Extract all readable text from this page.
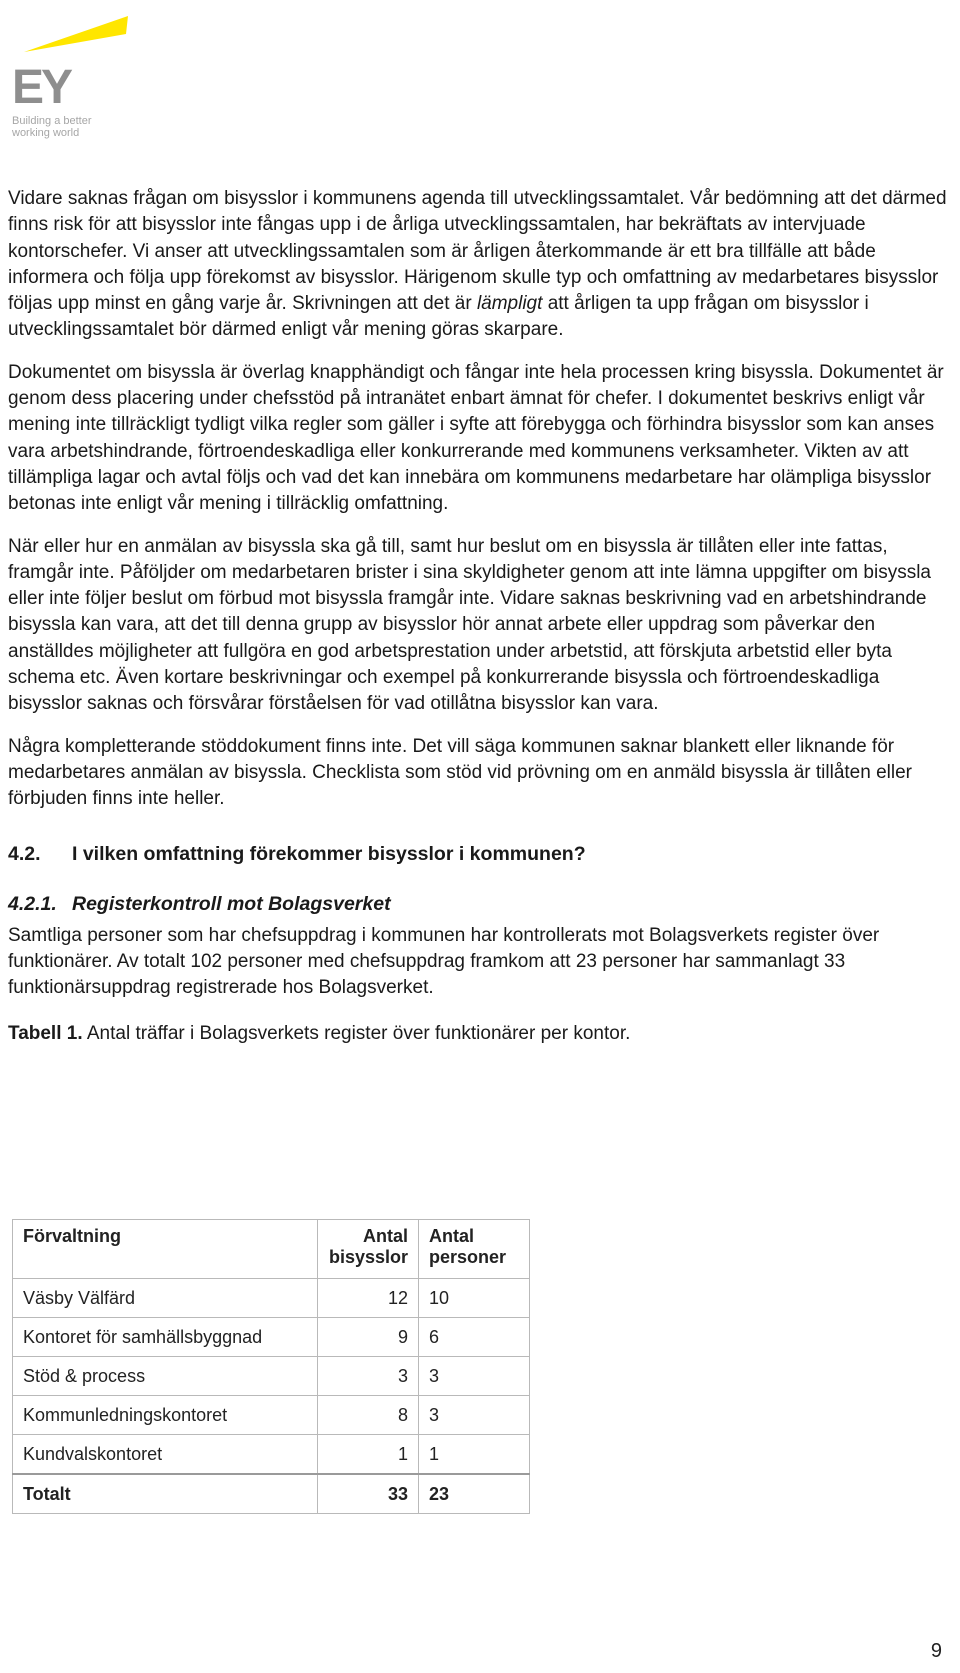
EY
Building a better
working world

Vidare saknas frågan om bisysslor i kommunens agenda till utvecklingssamtalet. Vår bedömning att det därmed finns risk för att bisysslor inte fångas upp i de årliga utvecklingssamtalen, har bekräftats av intervjuade kontorschefer. Vi anser att utvecklingssamtalen som är årligen återkommande är ett bra tillfälle att både informera och följa upp förekomst av bisysslor. Härigenom skulle typ och omfattning av medarbetares bisysslor följas upp minst en gång varje år. Skrivningen att det är lämpligt att årligen ta upp frågan om bisysslor i utvecklingssamtalet bör därmed enligt vår mening göras skarpare.

Dokumentet om bisyssla är överlag knapphändigt och fångar inte hela processen kring bisyssla. Dokumentet är genom dess placering under chefsstöd på intranätet enbart ämnat för chefer. I dokumentet beskrivs enligt vår mening inte tillräckligt tydligt vilka regler som gäller i syfte att förebygga och förhindra bisysslor som kan anses vara arbetshindrande, förtroendeskadliga eller konkurrerande med kommunens verksamheter. Vikten av att tillämpliga lagar och avtal följs och vad det kan innebära om kommunens medarbetare har olämpliga bisysslor betonas inte enligt vår mening i tillräcklig omfattning.

När eller hur en anmälan av bisyssla ska gå till, samt hur beslut om en bisyssla är tillåten eller inte fattas, framgår inte. Påföljder om medarbetaren brister i sina skyldigheter genom att inte lämna uppgifter om bisyssla eller inte följer beslut om förbud mot bisyssla framgår inte. Vidare saknas beskrivning vad en arbetshindrande bisyssla kan vara, att det till denna grupp av bisysslor hör annat arbete eller uppdrag som påverkar den anställdes möjligheter att fullgöra en god arbetsprestation under arbetstid, att förskjuta arbetstid eller byta schema etc. Även kortare beskrivningar och exempel på konkurrerande bisyssla och förtroendeskadliga bisysslor saknas och försvårar förståelsen för vad otillåtna bisysslor kan vara.

Några kompletterande stöddokument finns inte. Det vill säga kommunen saknar blankett eller liknande för medarbetares anmälan av bisyssla. Checklista som stöd vid prövning om en anmäld bisyssla är tillåten eller förbjuden finns inte heller.

4.2. I vilken omfattning förekommer bisysslor i kommunen?

4.2.1. Registerkontroll mot Bolagsverket

Samtliga personer som har chefsuppdrag i kommunen har kontrollerats mot Bolagsverkets register över funktionärer. Av totalt 102 personer med chefsuppdrag framkom att 23 personer har sammanlagt 33 funktionärsuppdrag registrerade hos Bolagsverket.

Tabell 1. Antal träffar i Bolagsverkets register över funktionärer per kontor.

Förvaltning	Antal bisysslor	Antal personer
Väsby Välfärd	12	10
Kontoret för samhällsbyggnad	9	6
Stöd & process	3	3
Kommunledningskontoret	8	3
Kundvalskontoret	1	1
Totalt	33	23
9
